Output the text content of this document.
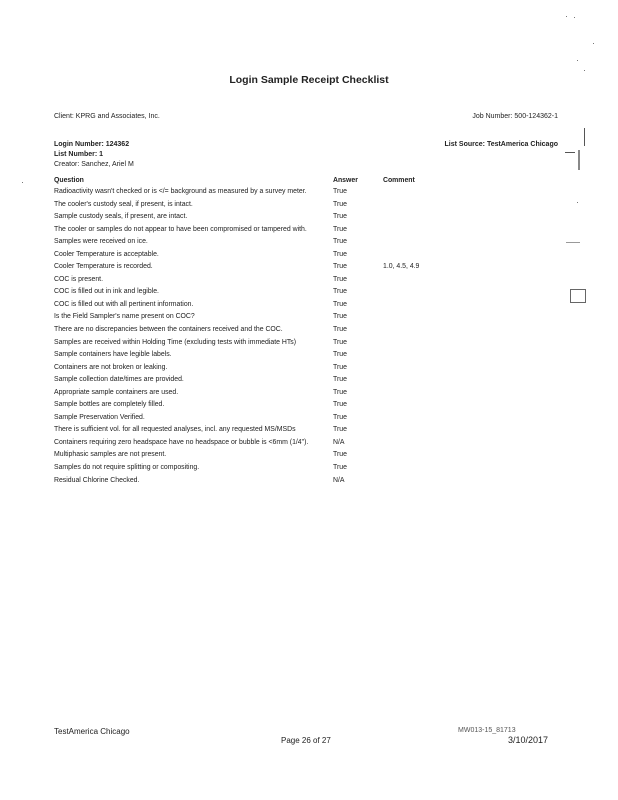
Login Sample Receipt Checklist
Client: KPRG and Associates, Inc.	Job Number: 500-124362-1
Login Number: 124362	List Source: TestAmerica Chicago
List Number: 1
Creator: Sanchez, Ariel M
Question	Answer	Comment
Radioactivity wasn't checked or is </= background as measured by a survey meter.	True
The cooler's custody seal, if present, is intact.	True
Sample custody seals, if present, are intact.	True
The cooler or samples do not appear to have been compromised or tampered with.	True
Samples were received on ice.	True
Cooler Temperature is acceptable.	True
Cooler Temperature is recorded.	True	1.0, 4.5, 4.9
COC is present.	True
COC is filled out in ink and legible.	True
COC is filled out with all pertinent information.	True
Is the Field Sampler's name present on COC?	True
There are no discrepancies between the containers received and the COC.	True
Samples are received within Holding Time (excluding tests with immediate HTs)	True
Sample containers have legible labels.	True
Containers are not broken or leaking.	True
Sample collection date/times are provided.	True
Appropriate sample containers are used.	True
Sample bottles are completely filled.	True
Sample Preservation Verified.	True
There is sufficient vol. for all requested analyses, incl. any requested MS/MSDs	True
Containers requiring zero headspace have no headspace or bubble is <6mm (1/4").	N/A
Multiphasic samples are not present.	True
Samples do not require splitting or compositing.	True
Residual Chlorine Checked.	N/A
TestAmerica Chicago
Page 26 of 27
MW013-15_81713
3/10/2017
